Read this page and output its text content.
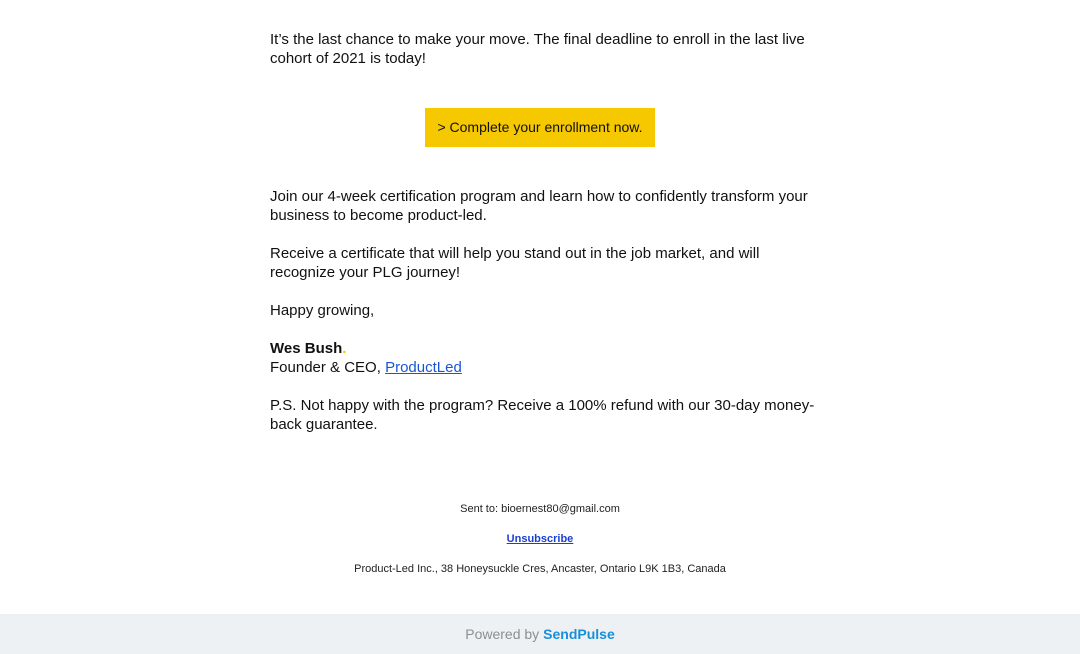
It’s the last chance to make your move. The final deadline to enroll in the last live cohort of 2021 is today!

> Complete your enrollment now.

Join our 4-week certification program and learn how to confidently transform your business to become product-led.

Receive a certificate that will help you stand out in the job market, and will recognize your PLG journey!

Happy growing,

Wes Bush.
Founder & CEO, ProductLed

P.S. Not happy with the program? Receive a 100% refund with our 30-day money-back guarantee.

Sent to: bioernest80@gmail.com

Unsubscribe

Product-Led Inc., 38 Honeysuckle Cres, Ancaster, Ontario L9K 1B3, Canada

Powered by SendPulse
